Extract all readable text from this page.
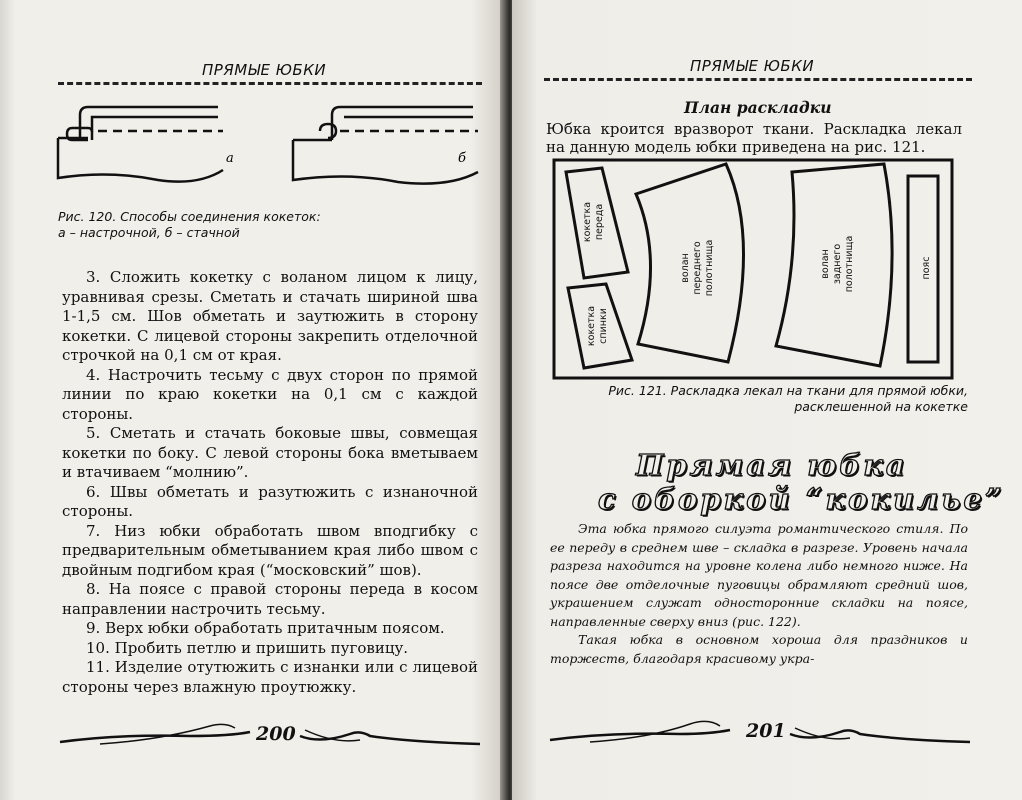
ПРЯМЫЕ ЮБКИ
а	б
Рис. 120. Способы соединения кокеток:
а – настрочной, б – стачной

3. Сложить кокетку с воланом лицом к лицу, уравнивая срезы. Сметать и стачать шириной шва 1-1,5 см. Шов обметать и заутюжить в сторону кокетки. С лицевой стороны закрепить отделочной строчкой на 0,1 см от края.

4. Настрочить тесьму с двух сторон по прямой линии по краю кокетки на 0,1 см с каждой стороны.

5. Сметать и стачать боковые швы, совмещая кокетки по боку. С левой стороны бока вметываем и втачиваем “молнию”.

6. Швы обметать и разутюжить с изнаночной стороны.

7. Низ юбки обработать швом вподгибку с предварительным обметыванием края либо швом с двойным подгибом края (“московский” шов).

8. На поясе с правой стороны переда в косом направлении настрочить тесьму.

9. Верх юбки обработать притачным поясом.

10. Пробить петлю и пришить пуговицу.

11. Изделие отутюжить с изнанки или с лицевой стороны через влажную проутюжку.

200
ПРЯМЫЕ ЮБКИ
План раскладки
Юбка кроится вразворот ткани. Раскладка лекал на данную модель юбки приведена на рис. 121.
кокетка переда
кокетка спинки
волан переднего полотнища	волан заднего полотнища	пояс
Рис. 121. Раскладка лекал на ткани для прямой юбки,
расклешенной на кокетке
Прямая юбка
с оборкой “кокилье”

Эта юбка прямого силуэта романтического стиля. По ее переду в среднем шве – складка в разрезе. Уровень начала разреза находится на уровне колена либо немного ниже. На поясе две отделочные пуговицы обрамляют средний шов, украшением служат односторонние складки на поясе, направленные сверху вниз (рис. 122).

Такая юбка в основном хороша для праздников и торжеств, благодаря красивому укра-

201
